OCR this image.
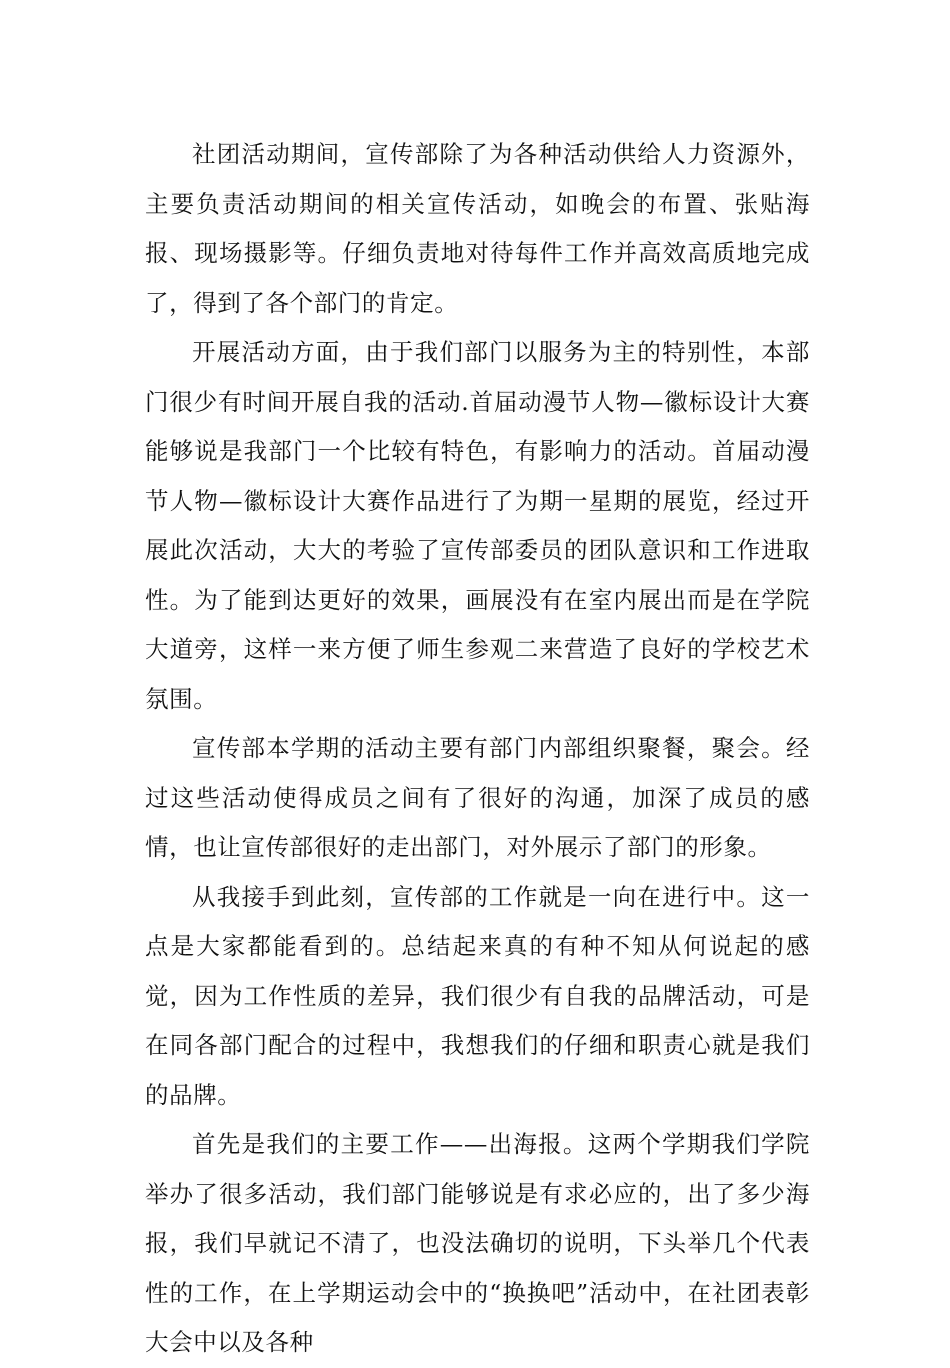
社团活动期间，宣传部除了为各种活动供给人力资源外，主要负责活动期间的相关宣传活动，如晚会的布置、张贴海报、现场摄影等。仔细负责地对待每件工作并高效高质地完成了，得到了各个部门的肯定。

开展活动方面，由于我们部门以服务为主的特别性，本部门很少有时间开展自我的活动.首届动漫节人物—徽标设计大赛能够说是我部门一个比较有特色，有影响力的活动。首届动漫节人物—徽标设计大赛作品进行了为期一星期的展览，经过开展此次活动，大大的考验了宣传部委员的团队意识和工作进取性。为了能到达更好的效果，画展没有在室内展出而是在学院大道旁，这样一来方便了师生参观二来营造了良好的学校艺术氛围。

宣传部本学期的活动主要有部门内部组织聚餐，聚会。经过这些活动使得成员之间有了很好的沟通，加深了成员的感情，也让宣传部很好的走出部门，对外展示了部门的形象。

从我接手到此刻，宣传部的工作就是一向在进行中。这一点是大家都能看到的。总结起来真的有种不知从何说起的感觉，因为工作性质的差异，我们很少有自我的品牌活动，可是在同各部门配合的过程中，我想我们的仔细和职责心就是我们的品牌。

首先是我们的主要工作——出海报。这两个学期我们学院举办了很多活动，我们部门能够说是有求必应的，出了多少海报，我们早就记不清了，也没法确切的说明，下头举几个代表性的工作，在上学期运动会中的“换换吧”活动中，在社团表彰大会中以及各种
